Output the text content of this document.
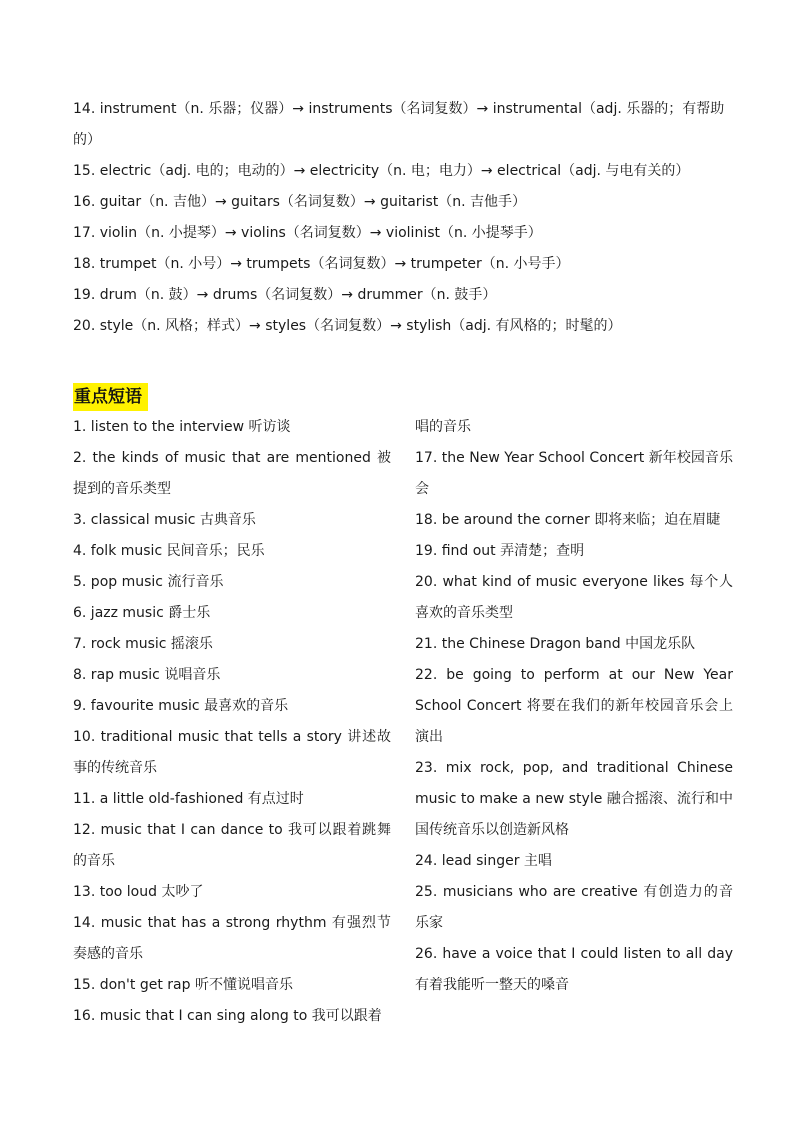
14. instrument（n. 乐器；仪器）→ instruments（名词复数）→ instrumental（adj. 乐器的；有帮助的）

15. electric（adj. 电的；电动的）→ electricity（n. 电；电力）→ electrical（adj. 与电有关的）

16. guitar（n. 吉他）→ guitars（名词复数）→ guitarist（n. 吉他手）

17. violin（n. 小提琴）→ violins（名词复数）→ violinist（n. 小提琴手）

18. trumpet（n. 小号）→ trumpets（名词复数）→ trumpeter（n. 小号手）

19. drum（n. 鼓）→ drums（名词复数）→ drummer（n. 鼓手）

20. style（n. 风格；样式）→ styles（名词复数）→ stylish（adj. 有风格的；时髦的）

重点短语

1. listen to the interview 听访谈

2. the kinds of music that are mentioned 被提到的音乐类型

3. classical music 古典音乐

4. folk music 民间音乐；民乐

5. pop music 流行音乐

6. jazz music 爵士乐

7. rock music 摇滚乐

8. rap music 说唱音乐

9. favourite music 最喜欢的音乐

10. traditional music that tells a story 讲述故事的传统音乐

11. a little old-fashioned 有点过时

12. music that I can dance to 我可以跟着跳舞的音乐

13. too loud 太吵了

14. music that has a strong rhythm 有强烈节奏感的音乐

15. don't get rap 听不懂说唱音乐

16. music that I can sing along to 我可以跟着

唱的音乐

17. the New Year School Concert 新年校园音乐会

18. be around the corner 即将来临；迫在眉睫

19. find out 弄清楚；查明

20. what kind of music everyone likes 每个人喜欢的音乐类型

21. the Chinese Dragon band 中国龙乐队

22. be going to perform at our New Year School Concert 将要在我们的新年校园音乐会上演出

23. mix rock, pop, and traditional Chinese music to make a new style 融合摇滚、流行和中国传统音乐以创造新风格

24. lead singer 主唱

25. musicians who are creative 有创造力的音乐家

26. have a voice that I could listen to all day 有着我能听一整天的嗓音
